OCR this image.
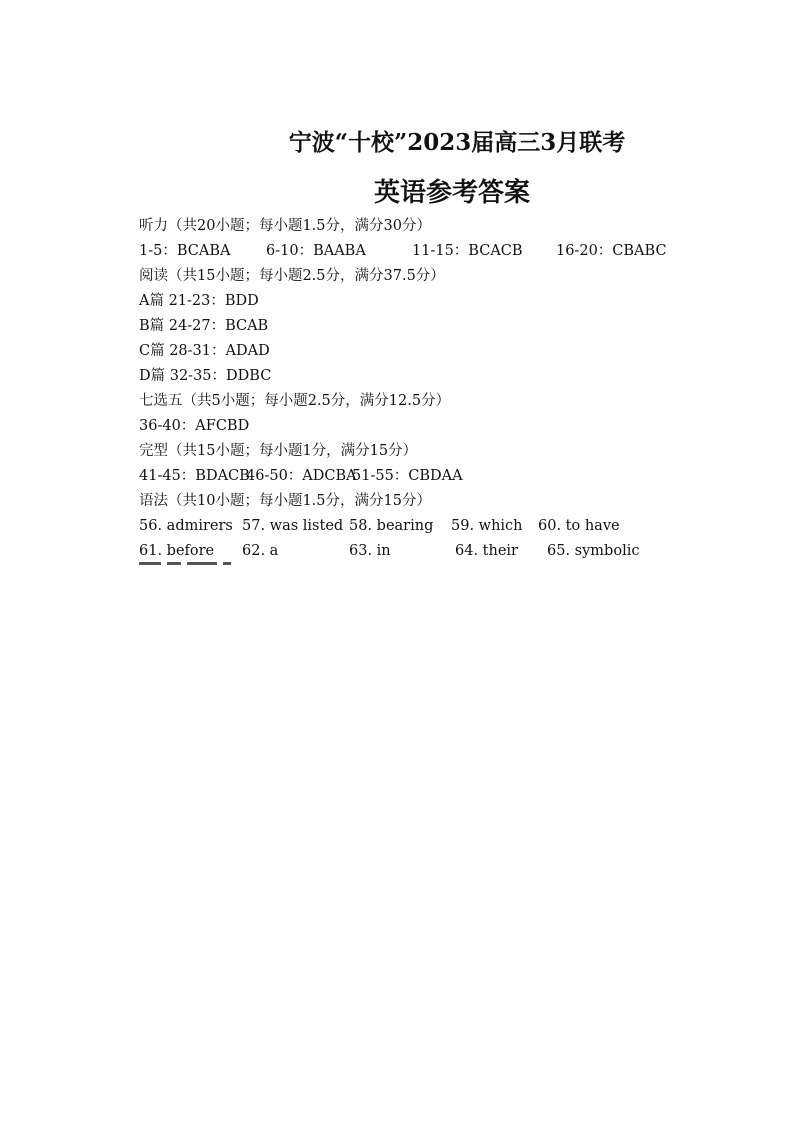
宁波“十校”2023届高三3月联考
英语参考答案
听力（共20小题；每小题1.5分，满分30分）
1-5：BCABA 6-10：BAABA	11-15：BCACB 16-20：CBABC
阅读（共15小题；每小题2.5分，满分37.5分）
A篇 21-23：BDD
B篇 24-27：BCAB
C篇 28-31：ADAD
D篇 32-35：DDBC
七选五（共5小题；每小题2.5分，满分12.5分）
36-40：AFCBD
完型（共15小题；每小题1分，满分15分）
41-45：BDACB
46-50：ADCBA
51-55：CBDAA
语法（共10小题；每小题1.5分，满分15分）
56. admirers 57. was listed 58. bearing 59. which 60. to have
61. before 62. a	63. in	64. their 65. symbolic
